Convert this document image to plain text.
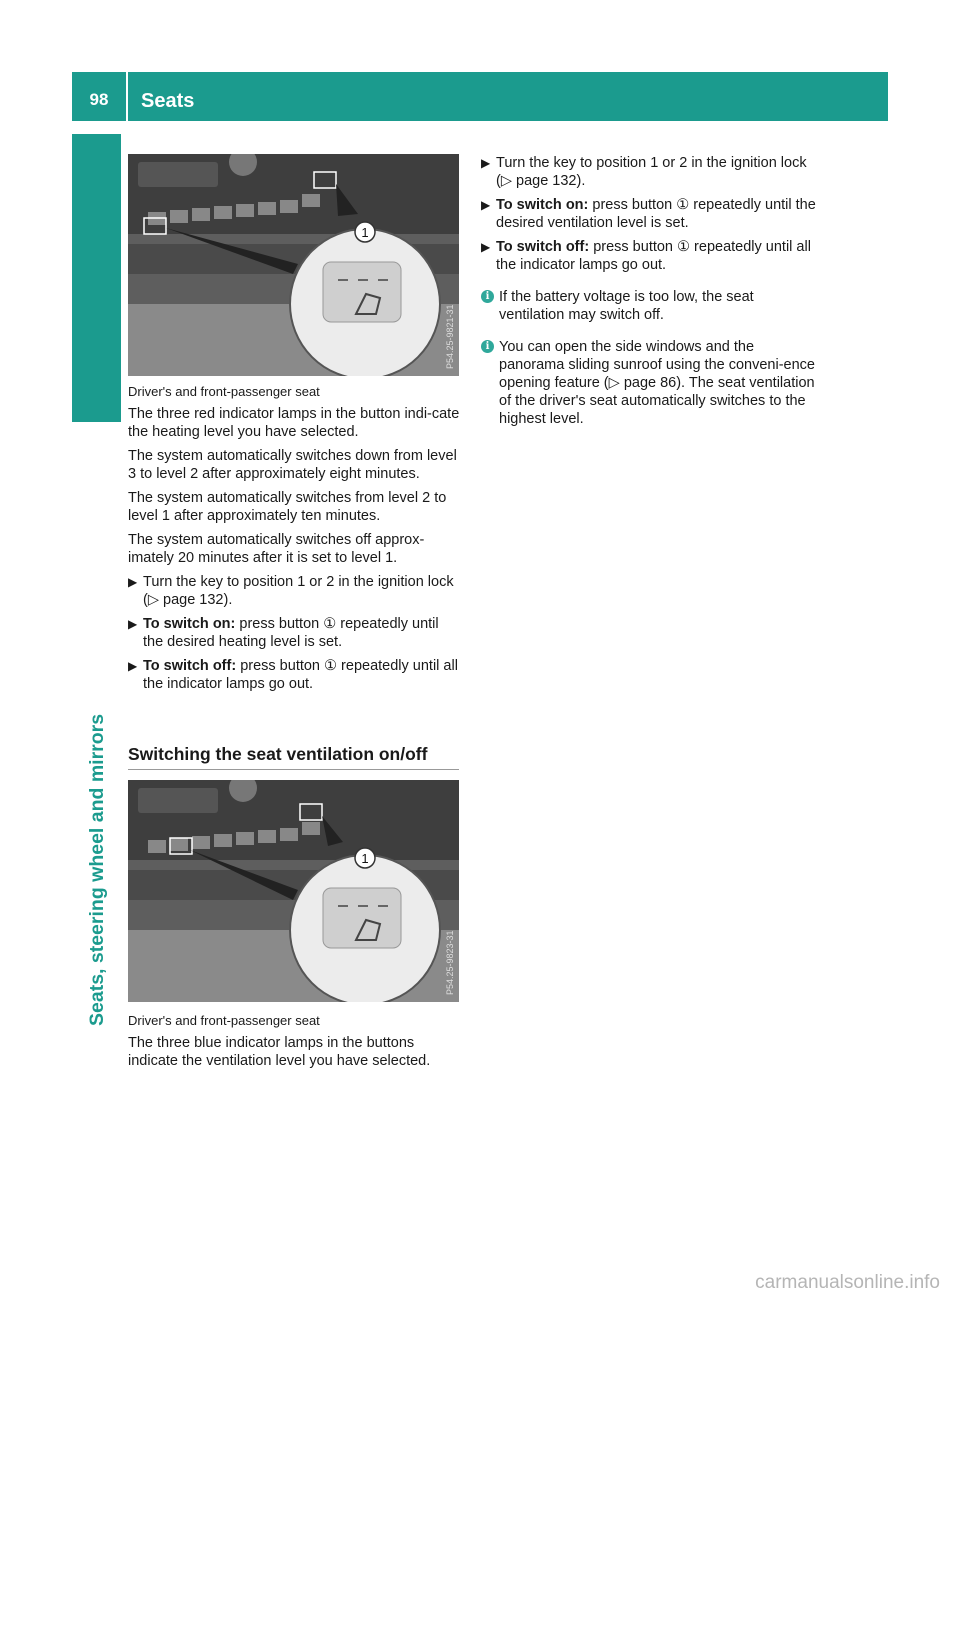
98	Seats
Seats, steering wheel and mirrors
1
P54.25-9821-31
Driver's and front-passenger seat
The three red indicator lamps in the button indi-cate the heating level you have selected.
The system automatically switches down from level 3 to level 2 after approximately eight minutes.
The system automatically switches from level 2 to level 1 after approximately ten minutes.
The system automatically switches off approx-imately 20 minutes after it is set to level 1.
▶ Turn the key to position 1 or 2 in the ignition lock (▷ page 132).
▶ To switch on: press button ① repeatedly until the desired heating level is set.
▶ To switch off: press button ① repeatedly until all the indicator lamps go out.
Switching the seat ventilation on/off
1
P54.25-9823-31
Driver's and front-passenger seat
The three blue indicator lamps in the buttons indicate the ventilation level you have selected.
▶ Turn the key to position 1 or 2 in the ignition lock (▷ page 132).
▶ To switch on: press button ① repeatedly until the desired ventilation level is set.
▶ To switch off: press button ① repeatedly until all the indicator lamps go out.
i If the battery voltage is too low, the seat ventilation may switch off.
i You can open the side windows and the panorama sliding sunroof using the conveni-ence opening feature (▷ page 86). The seat ventilation of the driver's seat automatically switches to the highest level.
carmanualsonline.info
